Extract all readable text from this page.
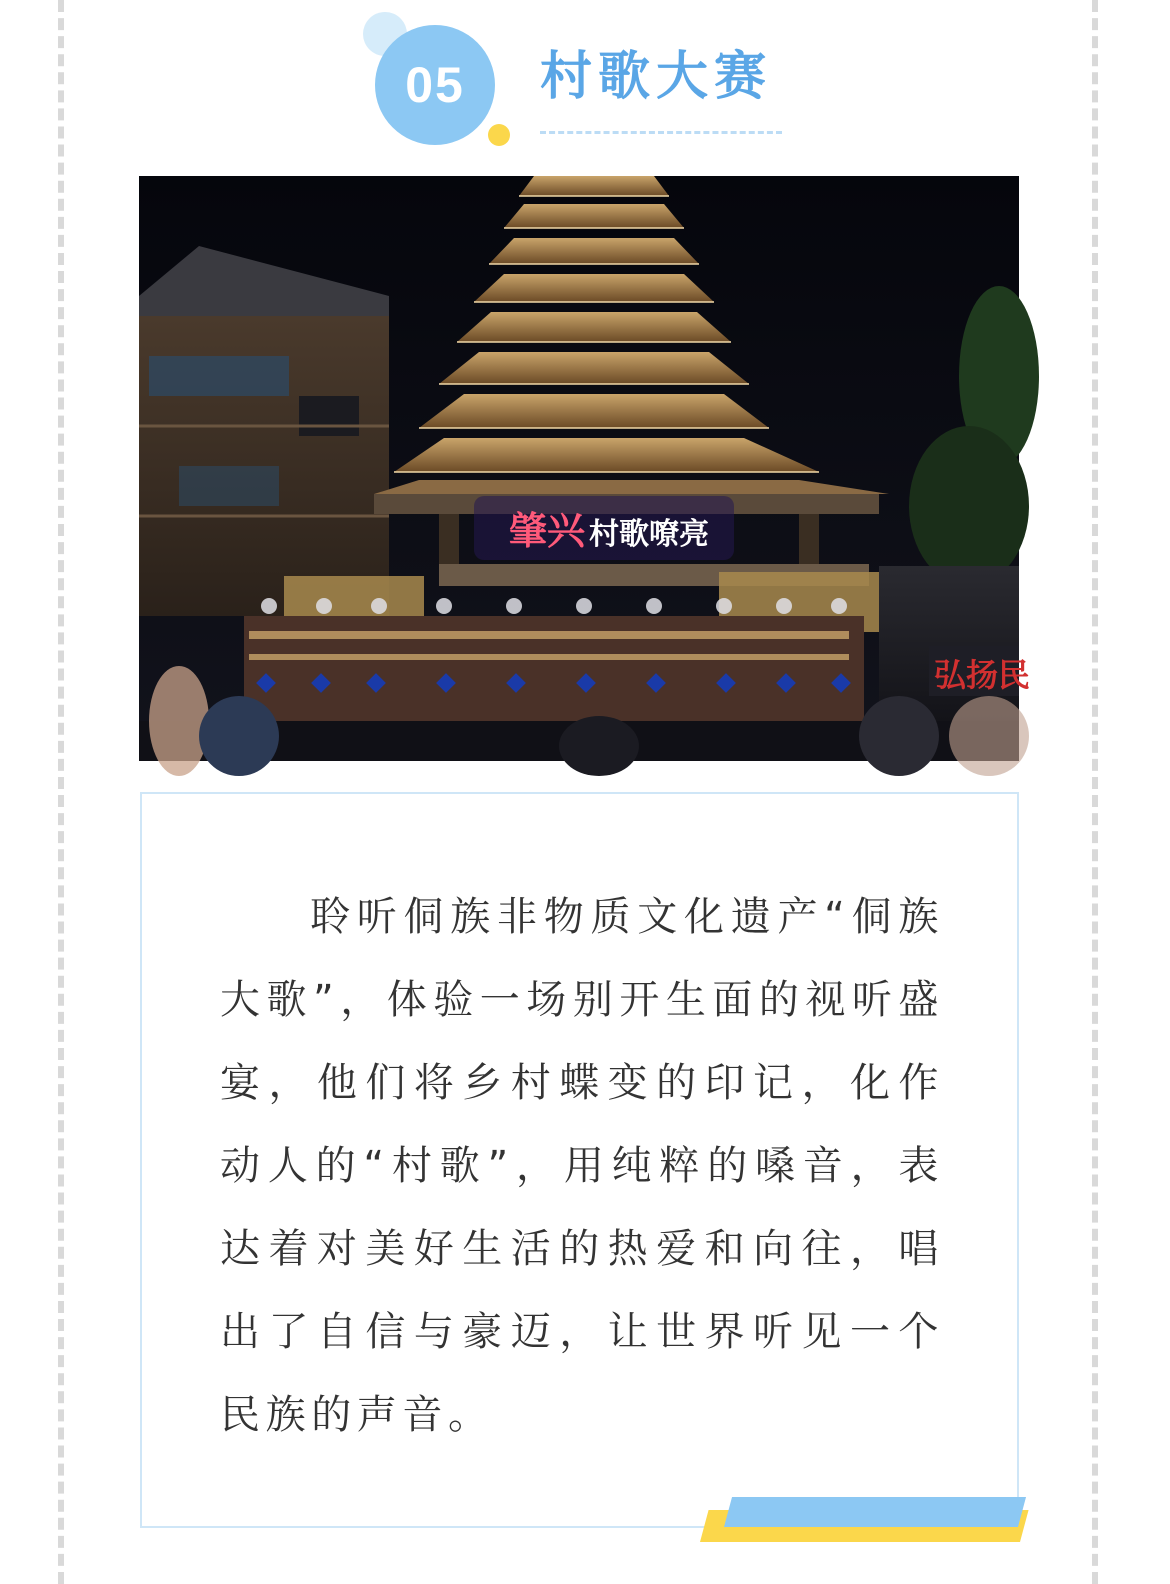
05 村歌大赛
肇兴 村歌嘹亮
弘扬民

聆听侗族非物质文化遗产“侗族大歌”，体验一场别开生面的视听盛宴，他们将乡村蝶变的印记，化作动人的“村歌”，用纯粹的嗓音，表达着对美好生活的热爱和向往，唱出了自信与豪迈，让世界听见一个民族的声音。
